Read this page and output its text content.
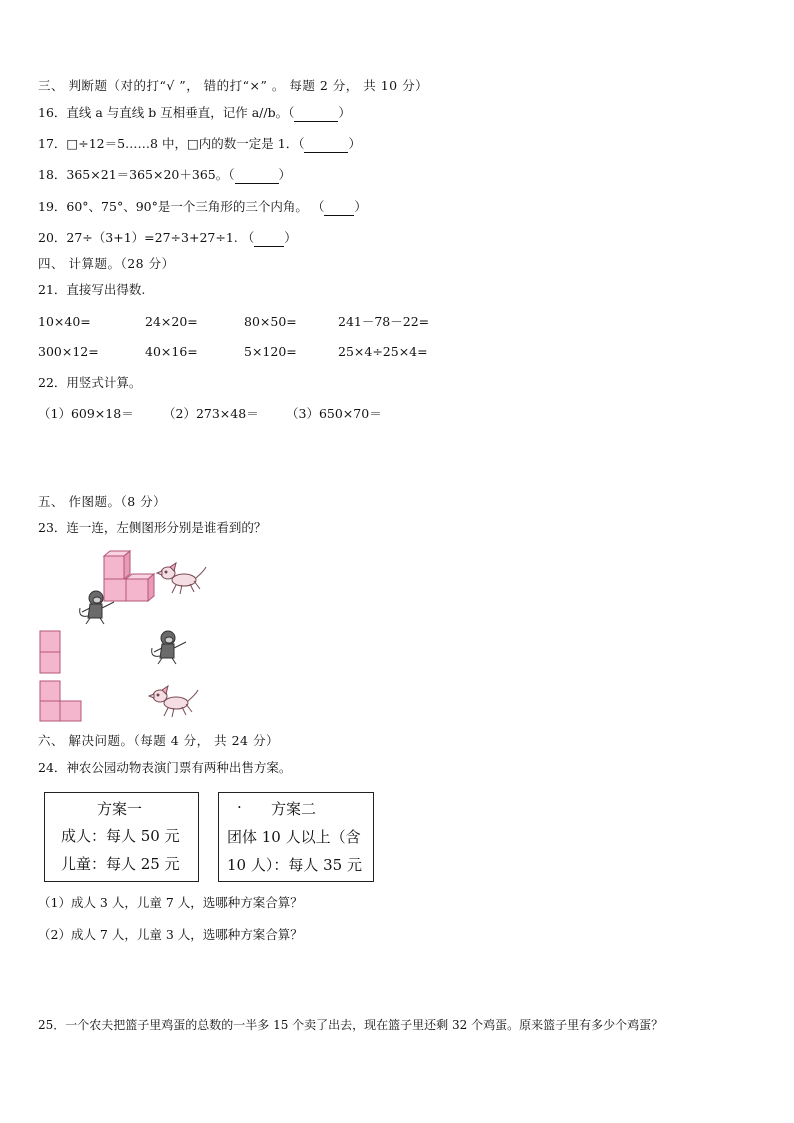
三、 判断题（对的打“√ ”， 错的打“×” 。 每题 2 分， 共 10 分）
16．直线 a 与直线 b 互相垂直，记作 a//b。（	）
17．□÷12＝5……8 中，□内的数一定是 1．（	）
18．365×21＝365×20＋365。（	）
19．60°、75°、90°是一个三角形的三个内角。 （ ）
20．27÷（3+1）=27÷3+27÷1. （ ）
四、 计算题。（28 分）
21．直接写出得数.
10×40=	24×20=	80×50=	241－78－22=
300×12=	40×16=	5×120=	25×4÷25×4=
22．用竖式计算。
（1）609×18＝ （2）273×48＝ （3）650×70＝
五、 作图题。（8 分）
23．连一连，左侧图形分别是谁看到的？
六、 解决问题。（每题 4 分， 共 24 分）
24．神农公园动物表演门票有两种出售方案。
方案一
成人：每人 50 元
儿童：每人 25 元
· 方案二
团体 10 人以上（含
10 人）：每人 35 元
（1）成人 3 人，儿童 7 人，选哪种方案合算？
（2）成人 7 人，儿童 3 人，选哪种方案合算？
25．一个农夫把篮子里鸡蛋的总数的一半多 15 个卖了出去，现在篮子里还剩 32 个鸡蛋。原来篮子里有多少个鸡蛋？
